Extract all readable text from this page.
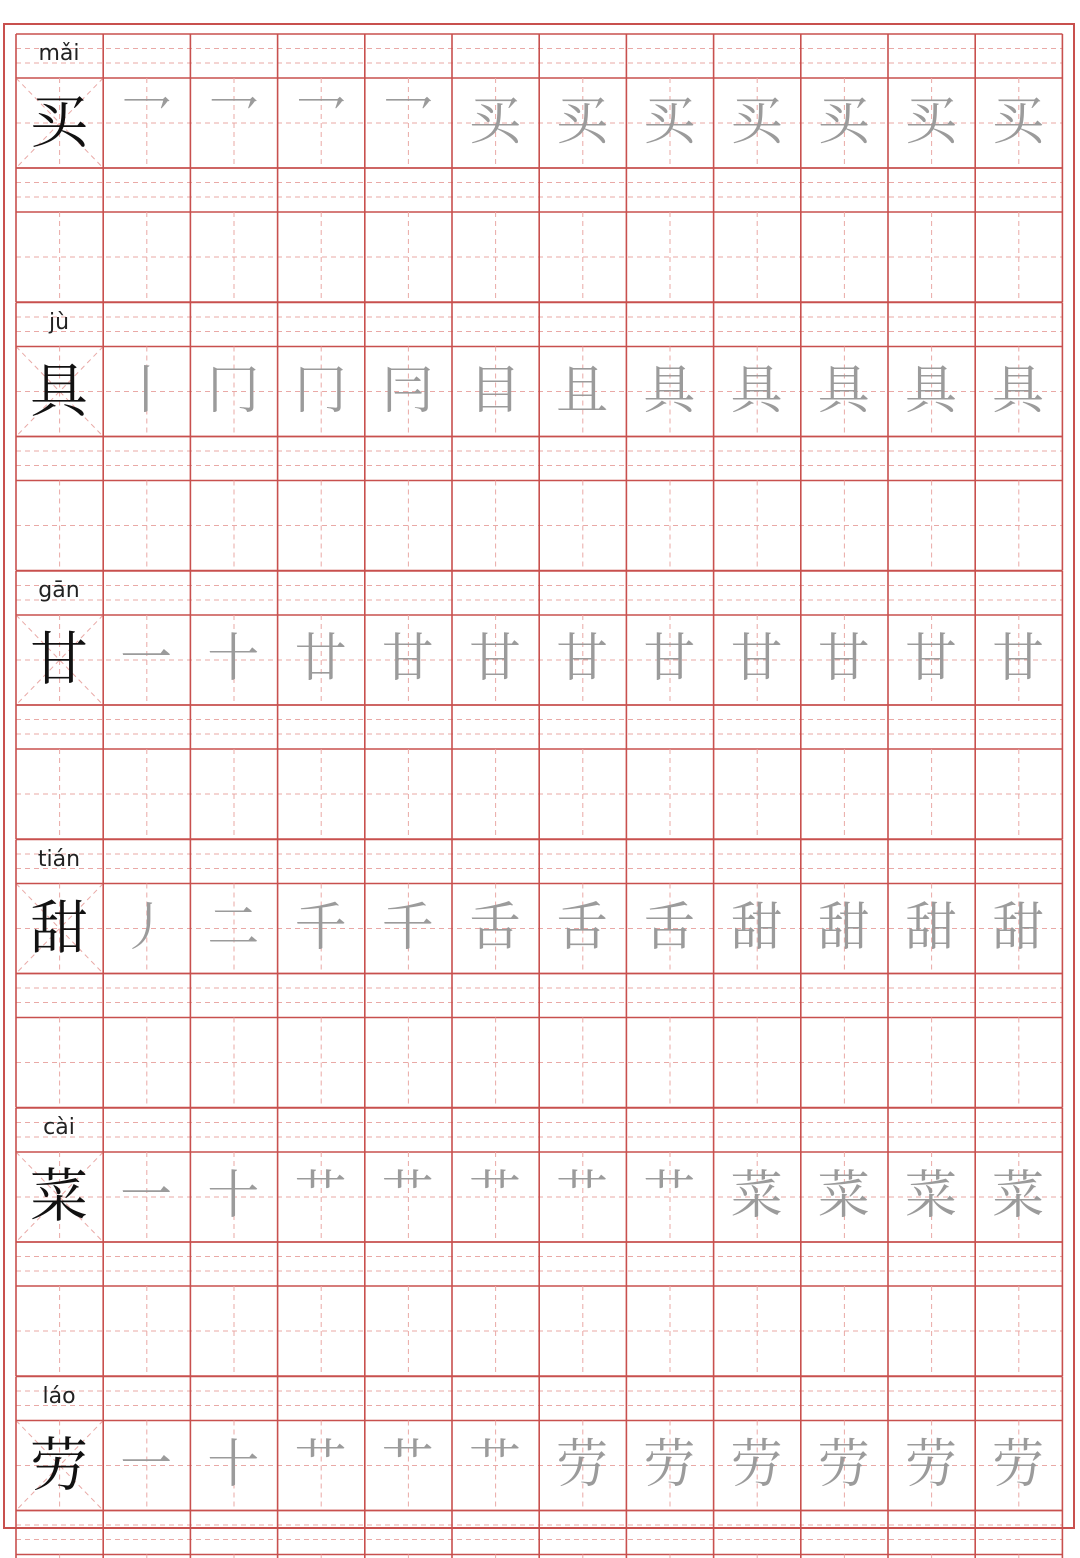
mǎi
买 乛 乛 乛 乛 买 买 买 买 买 买 买
jù
具 丨 冂 冂 冃 目 且 具 具 具 具 具
gān
甘 一 十 廿 甘 甘 甘 甘 甘 甘 甘 甘
tián
甜 丿 二 千 千 舌 舌 舌 甜 甜 甜 甜
cài
菜 一 十 艹 艹 艹 艹 艹 菜 菜 菜 菜
láo
劳 一 十 艹 艹 艹 劳 劳 劳 劳 劳 劳
